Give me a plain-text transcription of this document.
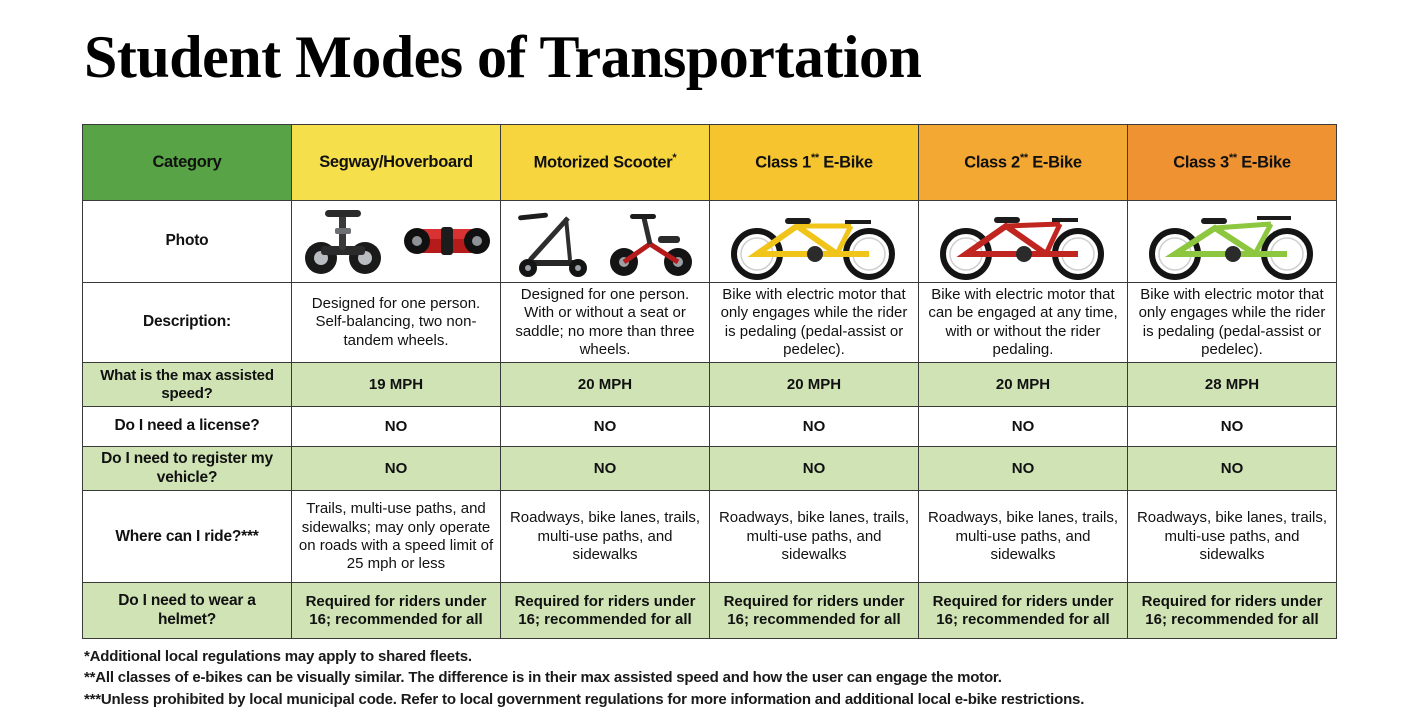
Student Modes of Transportation
Category	Segway/Hoverboard	Motorized Scooter*	Class 1** E-Bike	Class 2** E-Bike	Class 3** E-Bike
Photo	

Description:	Designed for one person. Self-balancing, two non-tandem wheels.	Designed for one person. With or without a seat or saddle; no more than three wheels.	Bike with electric motor that only engages while the rider is pedaling (pedal-assist or pedelec).	Bike with electric motor that can be engaged at any time, with or without the rider pedaling.	Bike with electric motor that only engages while the rider is pedaling (pedal-assist or pedelec).
What is the max assisted speed?	19 MPH	20 MPH	20 MPH	20 MPH	28 MPH
Do I need a license?	NO	NO	NO	NO	NO
Do I need to register my vehicle?	NO	NO	NO	NO	NO
Where can I ride?***	Trails, multi-use paths, and sidewalks; may only operate on roads with a speed limit of 25 mph or less	Roadways, bike lanes, trails, multi-use paths, and sidewalks	Roadways, bike lanes, trails, multi-use paths, and sidewalks	Roadways, bike lanes, trails, multi-use paths, and sidewalks	Roadways, bike lanes, trails, multi-use paths, and sidewalks
Do I need to wear a helmet?	Required for riders under 16; recommended for all	Required for riders under 16; recommended for all	Required for riders under 16; recommended for all	Required for riders under 16; recommended for all	Required for riders under 16; recommended for all
*Additional local regulations may apply to shared fleets.
**All classes of e-bikes can be visually similar. The difference is in their max assisted speed and how the user can engage the motor.
***Unless prohibited by local municipal code. Refer to local government regulations for more information and additional local e-bike restrictions.
